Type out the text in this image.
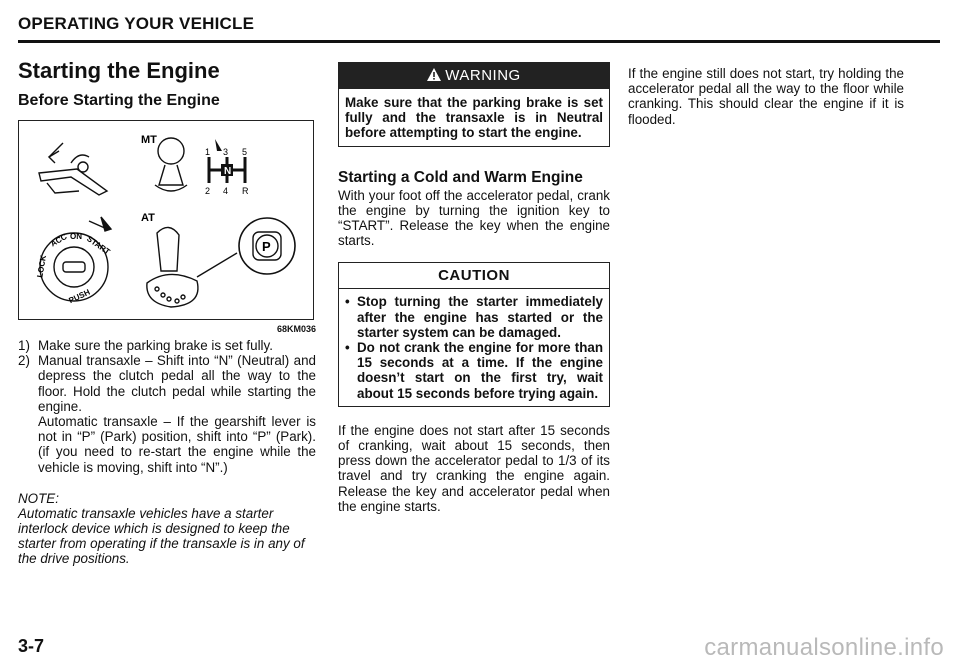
OPERATING YOUR VEHICLE
Starting the Engine
Before Starting the Engine
MT
N
1 3 5
2 4 R
AT
LOCK
ACC ON START
PUSH
P
68KM036
1) Make sure the parking brake is set fully.
2) Manual transaxle – Shift into “N” (Neutral) and depress the clutch pedal all the way to the floor. Hold the clutch pedal while starting the engine.
Automatic transaxle – If the gearshift lever is not in “P” (Park) position, shift into “P” (Park). (if you need to re-start the engine while the vehicle is moving, shift into “N”.)
NOTE:
Automatic transaxle vehicles have a starter interlock device which is designed to keep the starter from operating if the transaxle is in any of the drive positions.
WARNING
Make sure that the parking brake is set fully and the transaxle is in Neutral before attempting to start the engine.
Starting a Cold and Warm Engine

With your foot off the accelerator pedal, crank the engine by turning the ignition key to “START”. Release the key when the engine starts.

CAUTION
• Stop turning the starter immediately after the engine has started or the starter system can be damaged.
• Do not crank the engine for more than 15 seconds at a time. If the engine doesn’t start on the first try, wait about 15 seconds before trying again.

If the engine does not start after 15 seconds of cranking, wait about 15 seconds, then press down the accelerator pedal to 1/3 of its travel and try cranking the engine again. Release the key and accelerator pedal when the engine starts.

If the engine still does not start, try holding the accelerator pedal all the way to the floor while cranking. This should clear the engine if it is flooded.

3-7	carmanualsonline.info
